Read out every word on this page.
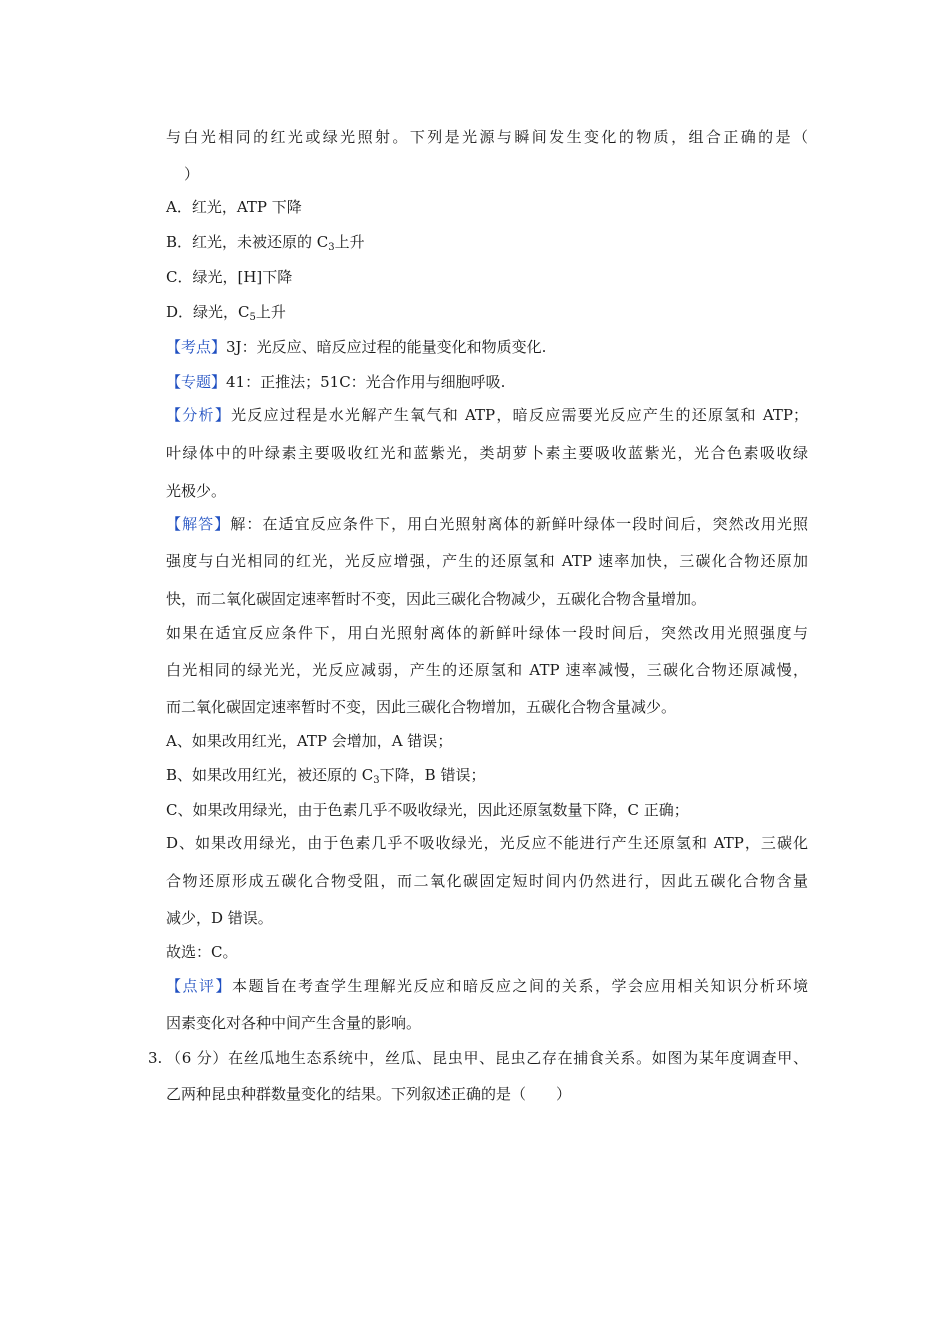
与白光相同的红光或绿光照射。下列是光源与瞬间发生变化的物质，组合正确的是（
）
A．红光，ATP 下降
B．红光，未被还原的 $C_3$上升
C．绿光，[H]下降
D．绿光，$C_5$上升
【考点】3J：光反应、暗反应过程的能量变化和物质变化.
【专题】41：正推法；51C：光合作用与细胞呼吸.
【分析】光反应过程是水光解产生氧气和 ATP，暗反应需要光反应产生的还原氢和 ATP；
叶绿体中的叶绿素主要吸收红光和蓝紫光，类胡萝卜素主要吸收蓝紫光，光合色素吸收绿
光极少。
【解答】解：在适宜反应条件下，用白光照射离体的新鲜叶绿体一段时间后，突然改用光照
强度与白光相同的红光，光反应增强，产生的还原氢和 ATP 速率加快，三碳化合物还原加
快，而二氧化碳固定速率暂时不变，因此三碳化合物减少，五碳化合物含量增加。
如果在适宜反应条件下，用白光照射离体的新鲜叶绿体一段时间后，突然改用光照强度与
白光相同的绿光光，光反应减弱，产生的还原氢和 ATP 速率减慢，三碳化合物还原减慢，
而二氧化碳固定速率暂时不变，因此三碳化合物增加，五碳化合物含量减少。
A、如果改用红光，ATP 会增加，A 错误；
B、如果改用红光，被还原的 $C_3$下降，B 错误；
C、如果改用绿光，由于色素几乎不吸收绿光，因此还原氢数量下降，C 正确；
D、如果改用绿光，由于色素几乎不吸收绿光，光反应不能进行产生还原氢和 ATP，三碳化
合物还原形成五碳化合物受阻，而二氧化碳固定短时间内仍然进行，因此五碳化合物含量
减少，D 错误。
故选：C。
【点评】本题旨在考查学生理解光反应和暗反应之间的关系，学会应用相关知识分析环境
因素变化对各种中间产生含量的影响。
3. （6 分）在丝瓜地生态系统中，丝瓜、昆虫甲、昆虫乙存在捕食关系。如图为某年度调查甲、
乙两种昆虫种群数量变化的结果。下列叙述正确的是（　　）
